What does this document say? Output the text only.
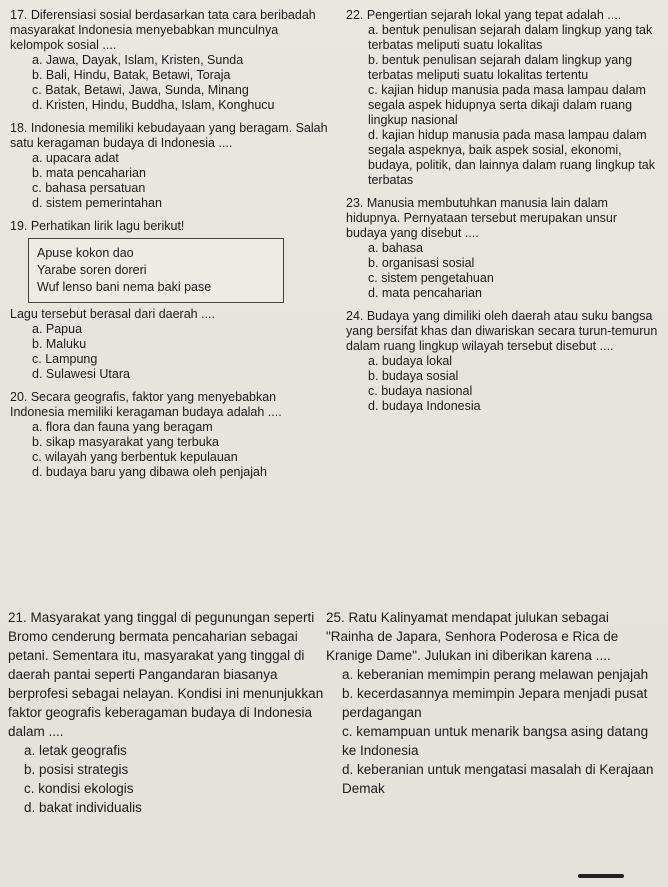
17. Diferensiasi sosial berdasarkan tata cara beribadah masyarakat Indonesia menyebabkan munculnya kelompok sosial ....
a. Jawa, Dayak, Islam, Kristen, Sunda
b. Bali, Hindu, Batak, Betawi, Toraja
c. Batak, Betawi, Jawa, Sunda, Minang
d. Kristen, Hindu, Buddha, Islam, Konghucu
18. Indonesia memiliki kebudayaan yang beragam. Salah satu keragaman budaya di Indonesia ....
a. upacara adat
b. mata pencaharian
c. bahasa persatuan
d. sistem pemerintahan
19. Perhatikan lirik lagu berikut!
Apuse kokon dao
Yarabe soren doreri
Wuf lenso bani nema baki pase
Lagu tersebut berasal dari daerah ....
a. Papua
b. Maluku
c. Lampung
d. Sulawesi Utara
20. Secara geografis, faktor yang menyebabkan Indonesia memiliki keragaman budaya adalah ....
a. flora dan fauna yang beragam
b. sikap masyarakat yang terbuka
c. wilayah yang berbentuk kepulauan
d. budaya baru yang dibawa oleh penjajah
22. Pengertian sejarah lokal yang tepat adalah ....
a. bentuk penulisan sejarah dalam lingkup yang tak terbatas meliputi suatu lokalitas
b. bentuk penulisan sejarah dalam lingkup yang terbatas meliputi suatu lokalitas tertentu
c. kajian hidup manusia pada masa lampau dalam segala aspek hidupnya serta dikaji dalam ruang lingkup nasional
d. kajian hidup manusia pada masa lampau dalam segala aspeknya, baik aspek sosial, ekonomi, budaya, politik, dan lainnya dalam ruang lingkup tak terbatas
23. Manusia membutuhkan manusia lain dalam hidupnya. Pernyataan tersebut merupakan unsur budaya yang disebut ....
a. bahasa
b. organisasi sosial
c. sistem pengetahuan
d. mata pencaharian
24. Budaya yang dimiliki oleh daerah atau suku bangsa yang bersifat khas dan diwariskan secara turun-temurun dalam ruang lingkup wilayah tersebut disebut ....
a. budaya lokal
b. budaya sosial
c. budaya nasional
d. budaya Indonesia
21. Masyarakat yang tinggal di pegunungan seperti Bromo cenderung bermata pencaharian sebagai petani. Sementara itu, masyarakat yang tinggal di daerah pantai seperti Pangandaran biasanya berprofesi sebagai nelayan. Kondisi ini menunjukkan faktor geografis keberagaman budaya di Indonesia dalam ....
a. letak geografis
b. posisi strategis
c. kondisi ekologis
d. bakat individualis
25. Ratu Kalinyamat mendapat julukan sebagai "Rainha de Japara, Senhora Poderosa e Rica de Kranige Dame". Julukan ini diberikan karena ....
a. keberanian memimpin perang melawan penjajah
b. kecerdasannya memimpin Jepara menjadi pusat perdagangan
c. kemampuan untuk menarik bangsa asing datang ke Indonesia
d. keberanian untuk mengatasi masalah di Kerajaan Demak
